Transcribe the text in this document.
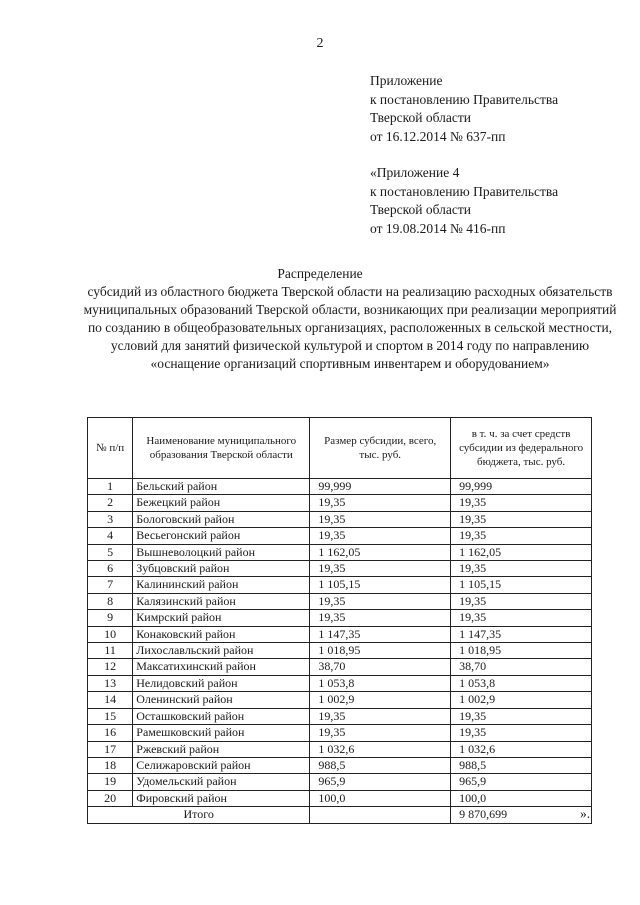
2
Приложение
к постановлению Правительства
Тверской области
от 16.12.2014 № 637-пп
«Приложение 4
к постановлению Правительства
Тверской области
от 19.08.2014 № 416-пп
Распределение
субсидий из областного бюджета Тверской области на реализацию расходных обязательств муниципальных образований Тверской области, возникающих при реализации мероприятий по созданию в общеобразовательных организациях, расположенных в сельской местности, условий для занятий физической культурой и спортом в 2014 году по направлению «оснащение организаций спортивным инвентарем и оборудованием»
№ п/п	Наименование муниципального образования Тверской области	Размер субсидии, всего, тыс. руб.	в т. ч. за счет средств субсидии из федерального бюджета, тыс. руб.
1	Бельский район	99,999	99,999
2	Бежецкий район	19,35	19,35
3	Бологовский район	19,35	19,35
4	Весьегонский район	19,35	19,35
5	Вышневолоцкий район	1 162,05	1 162,05
6	Зубцовский район	19,35	19,35
7	Калининский район	1 105,15	1 105,15
8	Калязинский район	19,35	19,35
9	Кимрский район	19,35	19,35
10	Конаковский район	1 147,35	1 147,35
11	Лихославльский район	1 018,95	1 018,95
12	Максатихинский район	38,70	38,70
13	Нелидовский район	1 053,8	1 053,8
14	Оленинский район	1 002,9	1 002,9
15	Осташковский район	19,35	19,35
16	Рамешковский район	19,35	19,35
17	Ржевский район	1 032,6	1 032,6
18	Селижаровский район	988,5	988,5
19	Удомельский район	965,9	965,9
20	Фировский район	100,0	100,0
Итого			9 870,699	».
